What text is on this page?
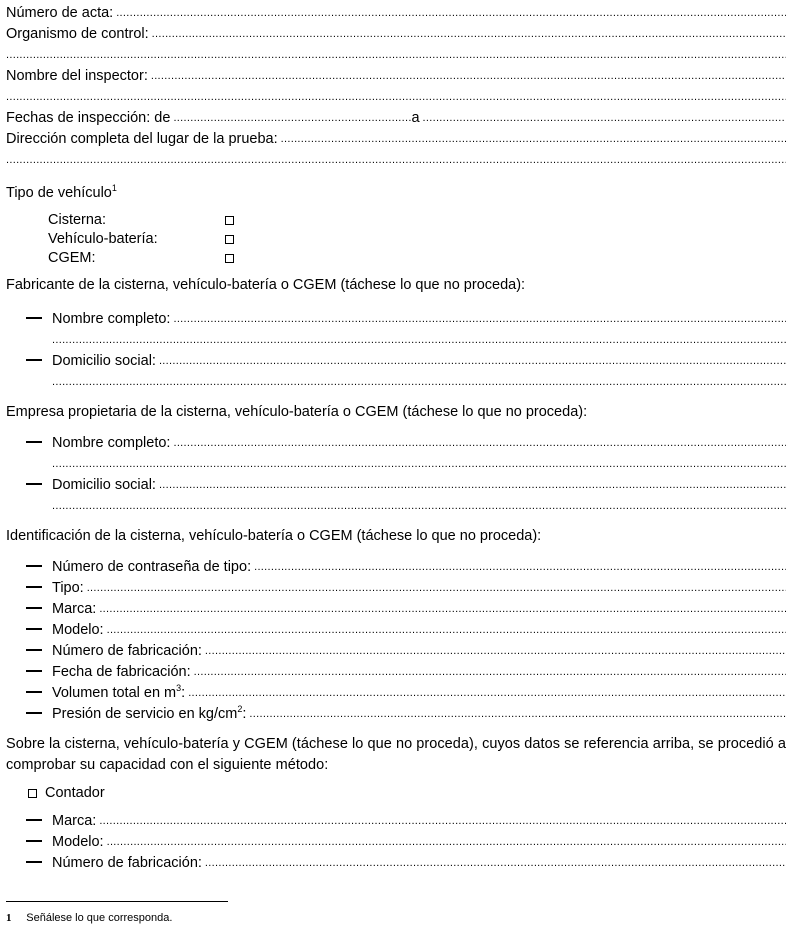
Número de acta:
.....
Organismo de control:
.....
.....
Nombre del inspector:
.....
.....
Fechas de inspección: de
.....	a
.....
Dirección completa del lugar de la prueba:
.....
.....
Tipo de vehículo$^1$
Cisterna:
Vehículo-batería:
CGEM:
Fabricante de la cisterna, vehículo-batería o CGEM (táchese lo que no proceda):
Nombre completo:
.....
.....
Domicilio social:
.....
.....
Empresa propietaria de la cisterna, vehículo-batería o CGEM (táchese lo que no proceda):
Nombre completo:
.....
.....
Domicilio social:
.....
.....
Identificación de la cisterna, vehículo-batería o CGEM (táchese lo que no proceda):
Número de contraseña de tipo:
.....
Tipo:
.....
Marca:
.....
Modelo:
.....
Número de fabricación:
.....
Fecha de fabricación:
.....
Volumen total en $m^3$:
.....
Presión de servicio en $kg/cm^2$:
.....
Sobre la cisterna, vehículo-batería y CGEM (táchese lo que no proceda), cuyos datos se referencia arriba, se procedió a comprobar su capacidad con el siguiente método:
Contador
Marca:
.....
Modelo:
.....
Número de fabricación:
.....
1 Señálese lo que corresponda.
